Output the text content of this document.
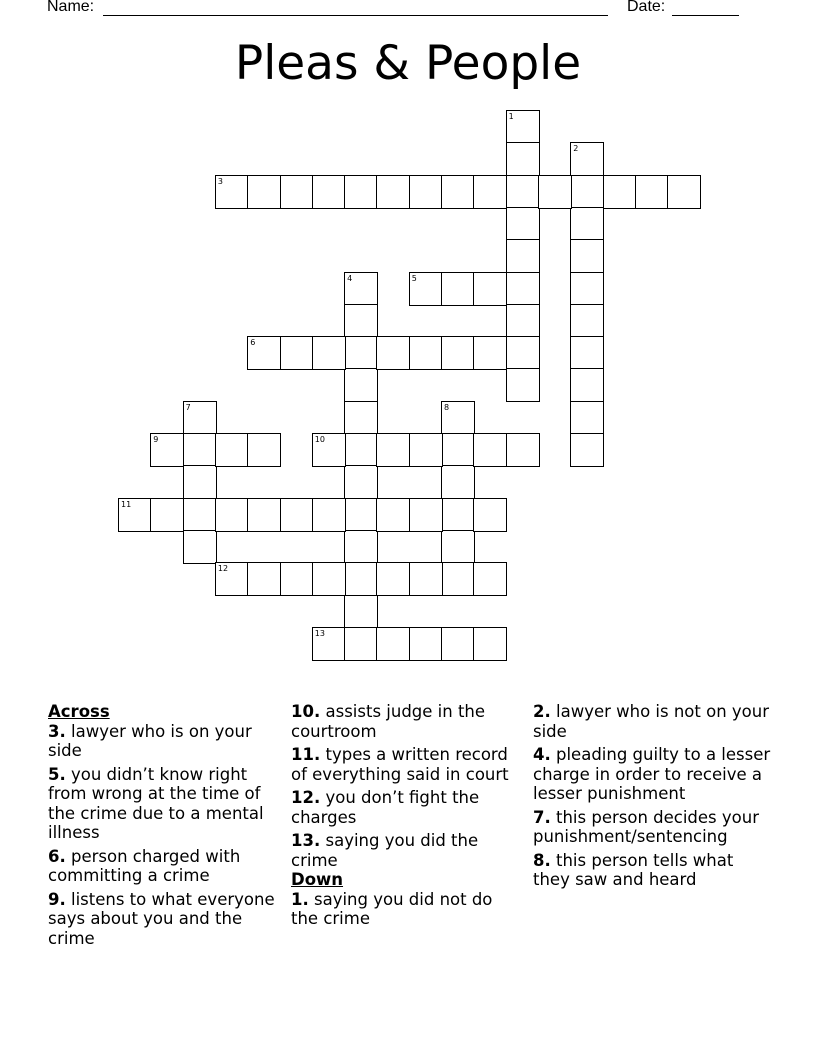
Name:	Date:
Pleas & People
1
2
3
4	5
6
7	8
9	10
11
12
13

Across

3. lawyer who is on your side

5. you didn’t know right from wrong at the time of the crime due to a mental illness

6. person charged with committing a crime

9. listens to what everyone says about you and the crime

10. assists judge in the courtroom

11. types a written record of everything said in court

12. you don’t fight the charges

13. saying you did the crime

Down

1. saying you did not do the crime

2. lawyer who is not on your side

4. pleading guilty to a lesser charge in order to receive a lesser punishment

7. this person decides your punishment/sentencing

8. this person tells what they saw and heard
